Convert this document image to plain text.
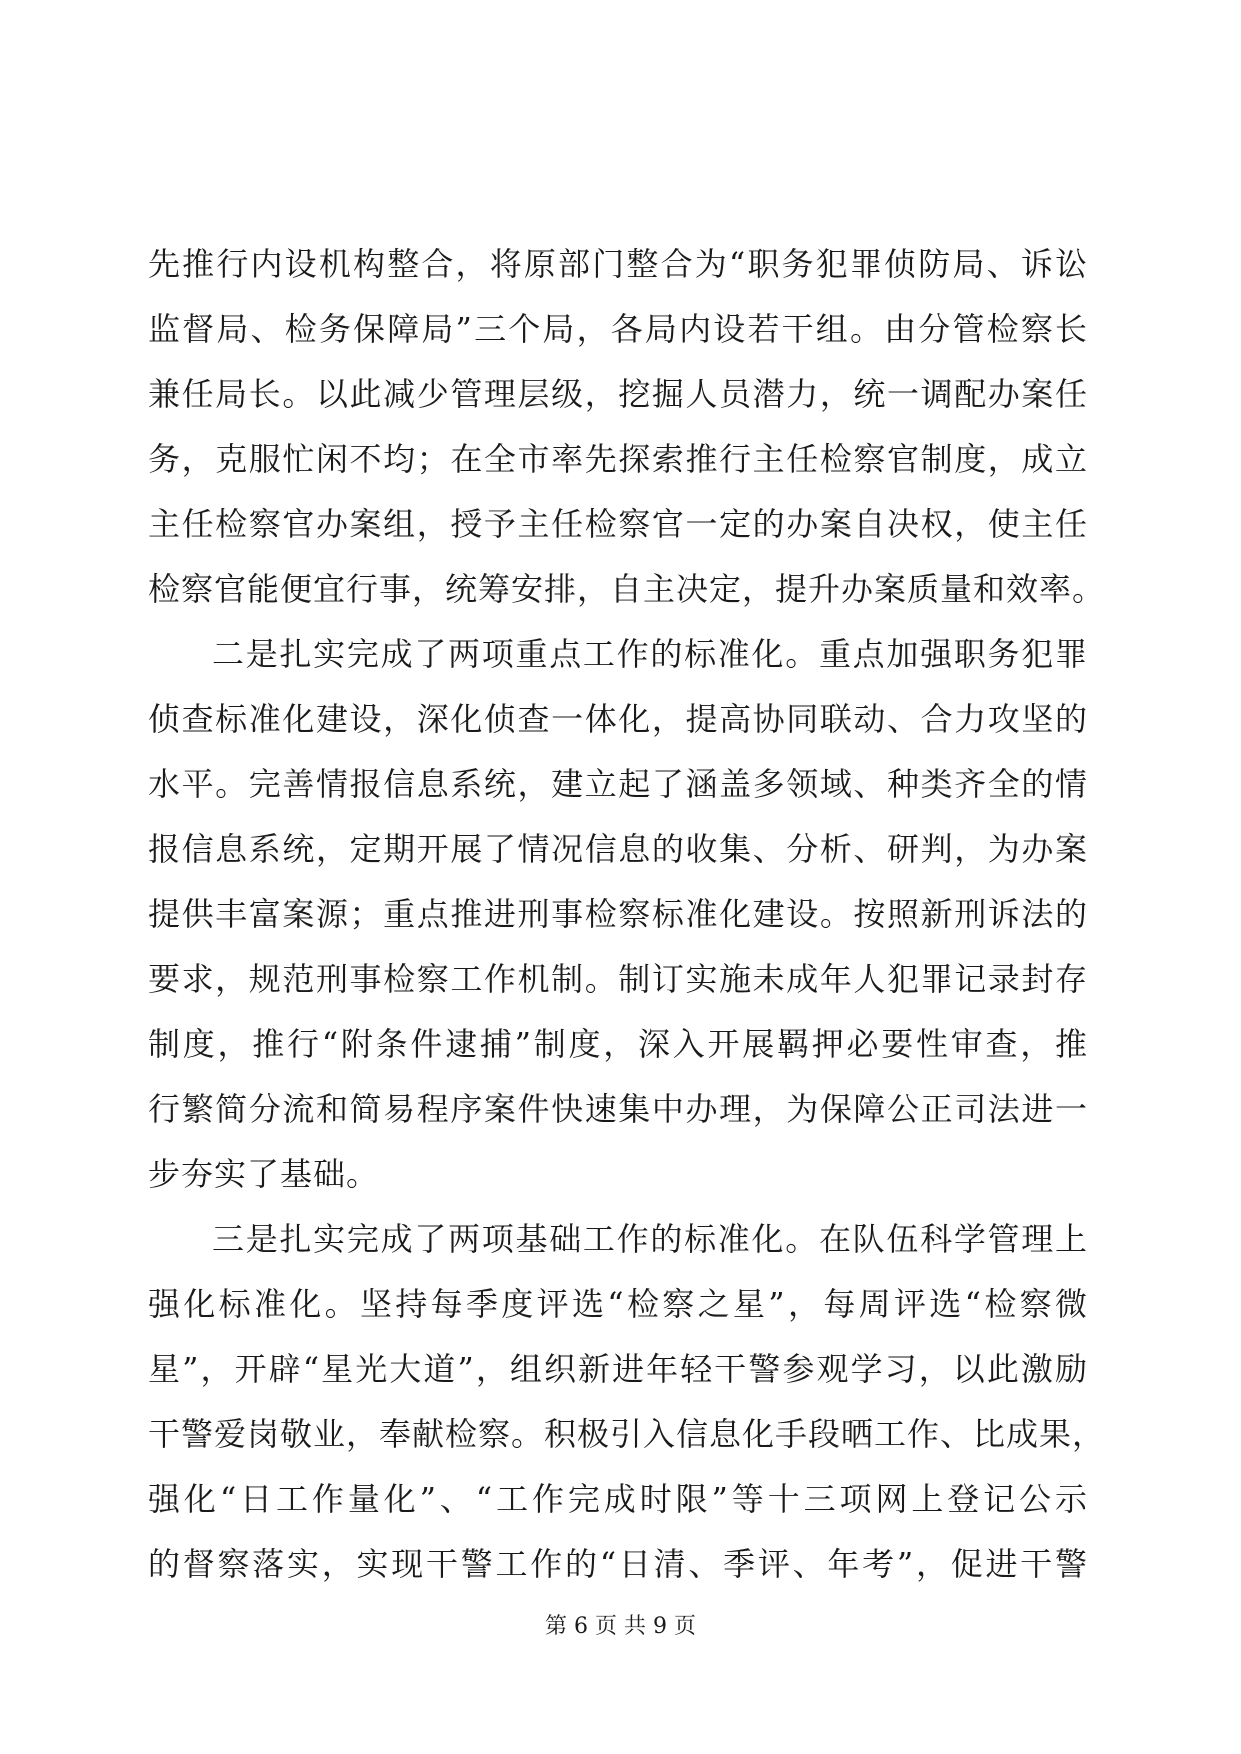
先推行内设机构整合，将原部门整合为“职务犯罪侦防局、诉讼
监督局、检务保障局”三个局，各局内设若干组。由分管检察长
兼任局长。以此减少管理层级，挖掘人员潜力，统一调配办案任
务，克服忙闲不均；在全市率先探索推行主任检察官制度，成立
主任检察官办案组，授予主任检察官一定的办案自决权，使主任
检察官能便宜行事，统筹安排，自主决定，提升办案质量和效率。
二是扎实完成了两项重点工作的标准化。重点加强职务犯罪
侦查标准化建设，深化侦查一体化，提高协同联动、合力攻坚的
水平。完善情报信息系统，建立起了涵盖多领域、种类齐全的情
报信息系统，定期开展了情况信息的收集、分析、研判，为办案
提供丰富案源；重点推进刑事检察标准化建设。按照新刑诉法的
要求，规范刑事检察工作机制。制订实施未成年人犯罪记录封存
制度，推行“附条件逮捕”制度，深入开展羁押必要性审查，推
行繁简分流和简易程序案件快速集中办理，为保障公正司法进一
步夯实了基础。
三是扎实完成了两项基础工作的标准化。在队伍科学管理上
强化标准化。坚持每季度评选“检察之星”，每周评选“检察微
星”，开辟“星光大道”，组织新进年轻干警参观学习，以此激励
干警爱岗敬业，奉献检察。积极引入信息化手段晒工作、比成果，
强化“日工作量化”、“工作完成时限”等十三项网上登记公示
的督察落实，实现干警工作的“日清、季评、年考”，促进干警
第 6 页 共 9 页
